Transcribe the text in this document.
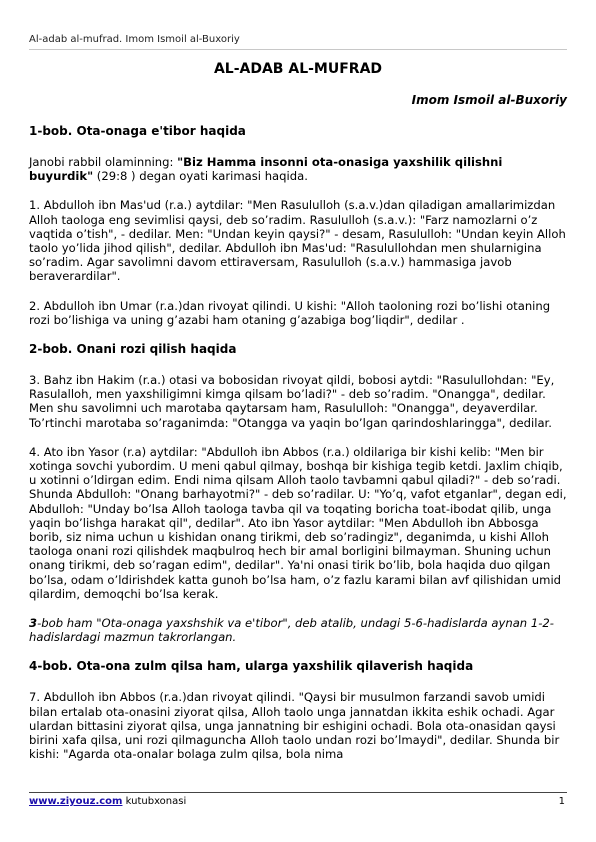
Al-adab al-mufrad. Imom Ismoil al-Buxoriy
AL-ADAB AL-MUFRAD
Imom Ismoil al-Buxoriy
1-bob. Ota-onaga e'tibor haqida

Janobi rabbil olaminning: "Biz Hamma insonni ota-onasiga yaxshilik qilishni buyurdik" (29:8 ) degan oyati karimasi haqida.

1. Abdulloh ibn Mas'ud (r.a.) aytdilar: "Men Rasululloh (s.a.v.)dan qiladigan amallarimizdan Alloh taologa eng sevimlisi qaysi, deb so’radim. Rasululloh (s.a.v.): "Farz namozlarni o’z vaqtida o’tish", - dedilar. Men: "Undan keyin qaysi?" - desam, Rasululloh: "Undan keyin Alloh taolo yo’lida jihod qilish", dedilar. Abdulloh ibn Mas'ud: "Rasulullohdan men shularnigina so’radim. Agar savolimni davom ettiraversam, Rasululloh (s.a.v.) hammasiga javob beraverardilar".

2. Abdulloh ibn Umar (r.a.)dan rivoyat qilindi. U kishi: "Alloh taoloning rozi bo’lishi otaning rozi bo’lishiga va uning g’azabi ham otaning g’azabiga bog’liqdir", dedilar .

2-bob. Onani rozi qilish haqida

3. Bahz ibn Hakim (r.a.) otasi va bobosidan rivoyat qildi, bobosi aytdi: "Rasulullohdan: "Ey, Rasulalloh, men yaxshiligimni kimga qilsam bo’ladi?" - deb so’radim. "Onangga", dedilar. Men shu savolimni uch marotaba qaytarsam ham, Rasululloh: "Onangga", deyaverdilar. To’rtinchi marotaba so’raganimda: "Otangga va yaqin bo’lgan qarindoshlaringga", dedilar.

4. Ato ibn Yasor (r.a) aytdilar: "Abdulloh ibn Abbos (r.a.) oldilariga bir kishi kelib: "Men bir xotinga sovchi yubordim. U meni qabul qilmay, boshqa bir kishiga tegib ketdi. Jaxlim chiqib, u xotinni o’ldirgan edim. Endi nima qilsam Alloh taolo tavbamni qabul qiladi?" - deb so’radi. Shunda Abdulloh: "Onang barhayotmi?" - deb so’radilar. U: "Yo’q, vafot etganlar", degan edi, Abdulloh: "Unday bo’lsa Alloh taologa tavba qil va toqating boricha toat-ibodat qilib, unga yaqin bo’lishga harakat qil", dedilar". Ato ibn Yasor aytdilar: "Men Abdulloh ibn Abbosga borib, siz nima uchun u kishidan onang tirikmi, deb so’radingiz", deganimda, u kishi Alloh taologa onani rozi qilishdek maqbulroq hech bir amal borligini bilmayman. Shuning uchun onang tirikmi, deb so’ragan edim", dedilar". Ya'ni onasi tirik bo’lib, bola haqida duo qilgan bo’lsa, odam o’ldirishdek katta gunoh bo’lsa ham, o’z fazlu karami bilan avf qilishidan umid qilardim, demoqchi bo’lsa kerak.

3-bob ham "Ota-onaga yaxshshik va e'tibor", deb atalib, undagi 5-6-hadislarda aynan 1-2-hadislardagi mazmun takrorlangan.

4-bob. Ota-ona zulm qilsa ham, ularga yaxshilik qilaverish haqida

7. Abdulloh ibn Abbos (r.a.)dan rivoyat qilindi. "Qaysi bir musulmon farzandi savob umidi bilan ertalab ota-onasini ziyorat qilsa, Alloh taolo unga jannatdan ikkita eshik ochadi. Agar ulardan bittasini ziyorat qilsa, unga jannatning bir eshigini ochadi. Bola ota-onasidan qaysi birini xafa qilsa, uni rozi qilmaguncha Alloh taolo undan rozi bo’lmaydi", dedilar. Shunda bir kishi: "Agarda ota-onalar bolaga zulm qilsa, bola nima

www.ziyouz.com kutubxonasi	1
